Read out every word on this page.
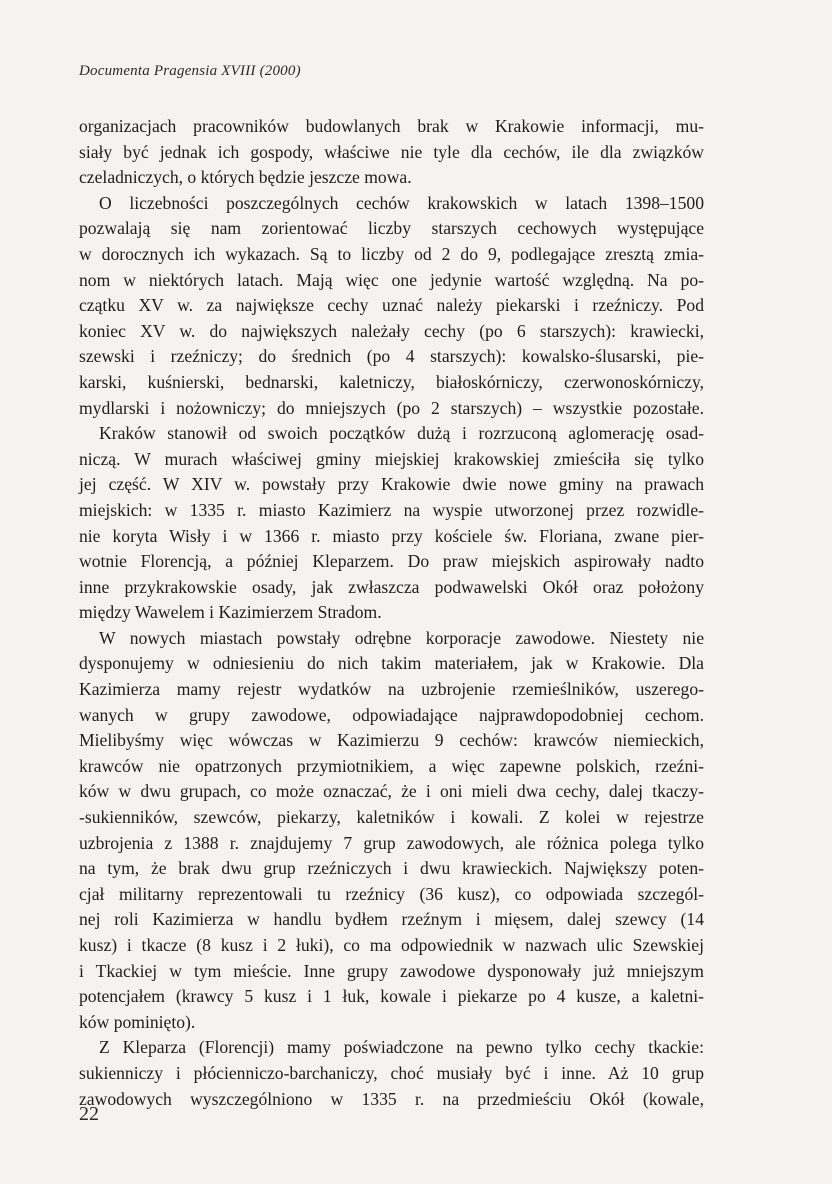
Documenta Pragensia XVIII (2000)
organizacjach pracowników budowlanych brak w Krakowie informacji, mu-
siały być jednak ich gospody, właściwe nie tyle dla cechów, ile dla związków
czeladniczych, o których będzie jeszcze mowa.
O liczebności poszczególnych cechów krakowskich w latach 1398–1500
pozwalają się nam zorientować liczby starszych cechowych występujące
w dorocznych ich wykazach. Są to liczby od 2 do 9, podlegające zresztą zmia-
nom w niektórych latach. Mają więc one jedynie wartość względną. Na po-
czątku XV w. za największe cechy uznać należy piekarski i rzeźniczy. Pod
koniec XV w. do największych należały cechy (po 6 starszych): krawiecki,
szewski i rzeźniczy; do średnich (po 4 starszych): kowalsko-ślusarski, pie-
karski, kuśnierski, bednarski, kaletniczy, białoskórniczy, czerwonoskórniczy,
mydlarski i nożowniczy; do mniejszych (po 2 starszych) – wszystkie pozostałe.
Kraków stanowił od swoich początków dużą i rozrzuconą aglomerację osad-
niczą. W murach właściwej gminy miejskiej krakowskiej zmieściła się tylko
jej część. W XIV w. powstały przy Krakowie dwie nowe gminy na prawach
miejskich: w 1335 r. miasto Kazimierz na wyspie utworzonej przez rozwidle-
nie koryta Wisły i w 1366 r. miasto przy kościele św. Floriana, zwane pier-
wotnie Florencją, a później Kleparzem. Do praw miejskich aspirowały nadto
inne przykrakowskie osady, jak zwłaszcza podwawelski Okół oraz położony
między Wawelem i Kazimierzem Stradom.
W nowych miastach powstały odrębne korporacje zawodowe. Niestety nie
dysponujemy w odniesieniu do nich takim materiałem, jak w Krakowie. Dla
Kazimierza mamy rejestr wydatków na uzbrojenie rzemieślników, uszerego-
wanych w grupy zawodowe, odpowiadające najprawdopodobniej cechom.
Mielibyśmy więc wówczas w Kazimierzu 9 cechów: krawców niemieckich,
krawców nie opatrzonych przymiotnikiem, a więc zapewne polskich, rzeźni-
ków w dwu grupach, co może oznaczać, że i oni mieli dwa cechy, dalej tkaczy-
-sukienników, szewców, piekarzy, kaletników i kowali. Z kolei w rejestrze
uzbrojenia z 1388 r. znajdujemy 7 grup zawodowych, ale różnica polega tylko
na tym, że brak dwu grup rzeźniczych i dwu krawieckich. Największy poten-
cjał militarny reprezentowali tu rzeźnicy (36 kusz), co odpowiada szczegól-
nej roli Kazimierza w handlu bydłem rzeźnym i mięsem, dalej szewcy (14
kusz) i tkacze (8 kusz i 2 łuki), co ma odpowiednik w nazwach ulic Szewskiej
i Tkackiej w tym mieście. Inne grupy zawodowe dysponowały już mniejszym
potencjałem (krawcy 5 kusz i 1 łuk, kowale i piekarze po 4 kusze, a kaletni-
ków pominięto).
Z Kleparza (Florencji) mamy poświadczone na pewno tylko cechy tkackie:
sukienniczy i płócienniczo-barchaniczy, choć musiały być i inne. Aż 10 grup
zawodowych wyszczególniono w 1335 r. na przedmieściu Okół (kowale,
22
